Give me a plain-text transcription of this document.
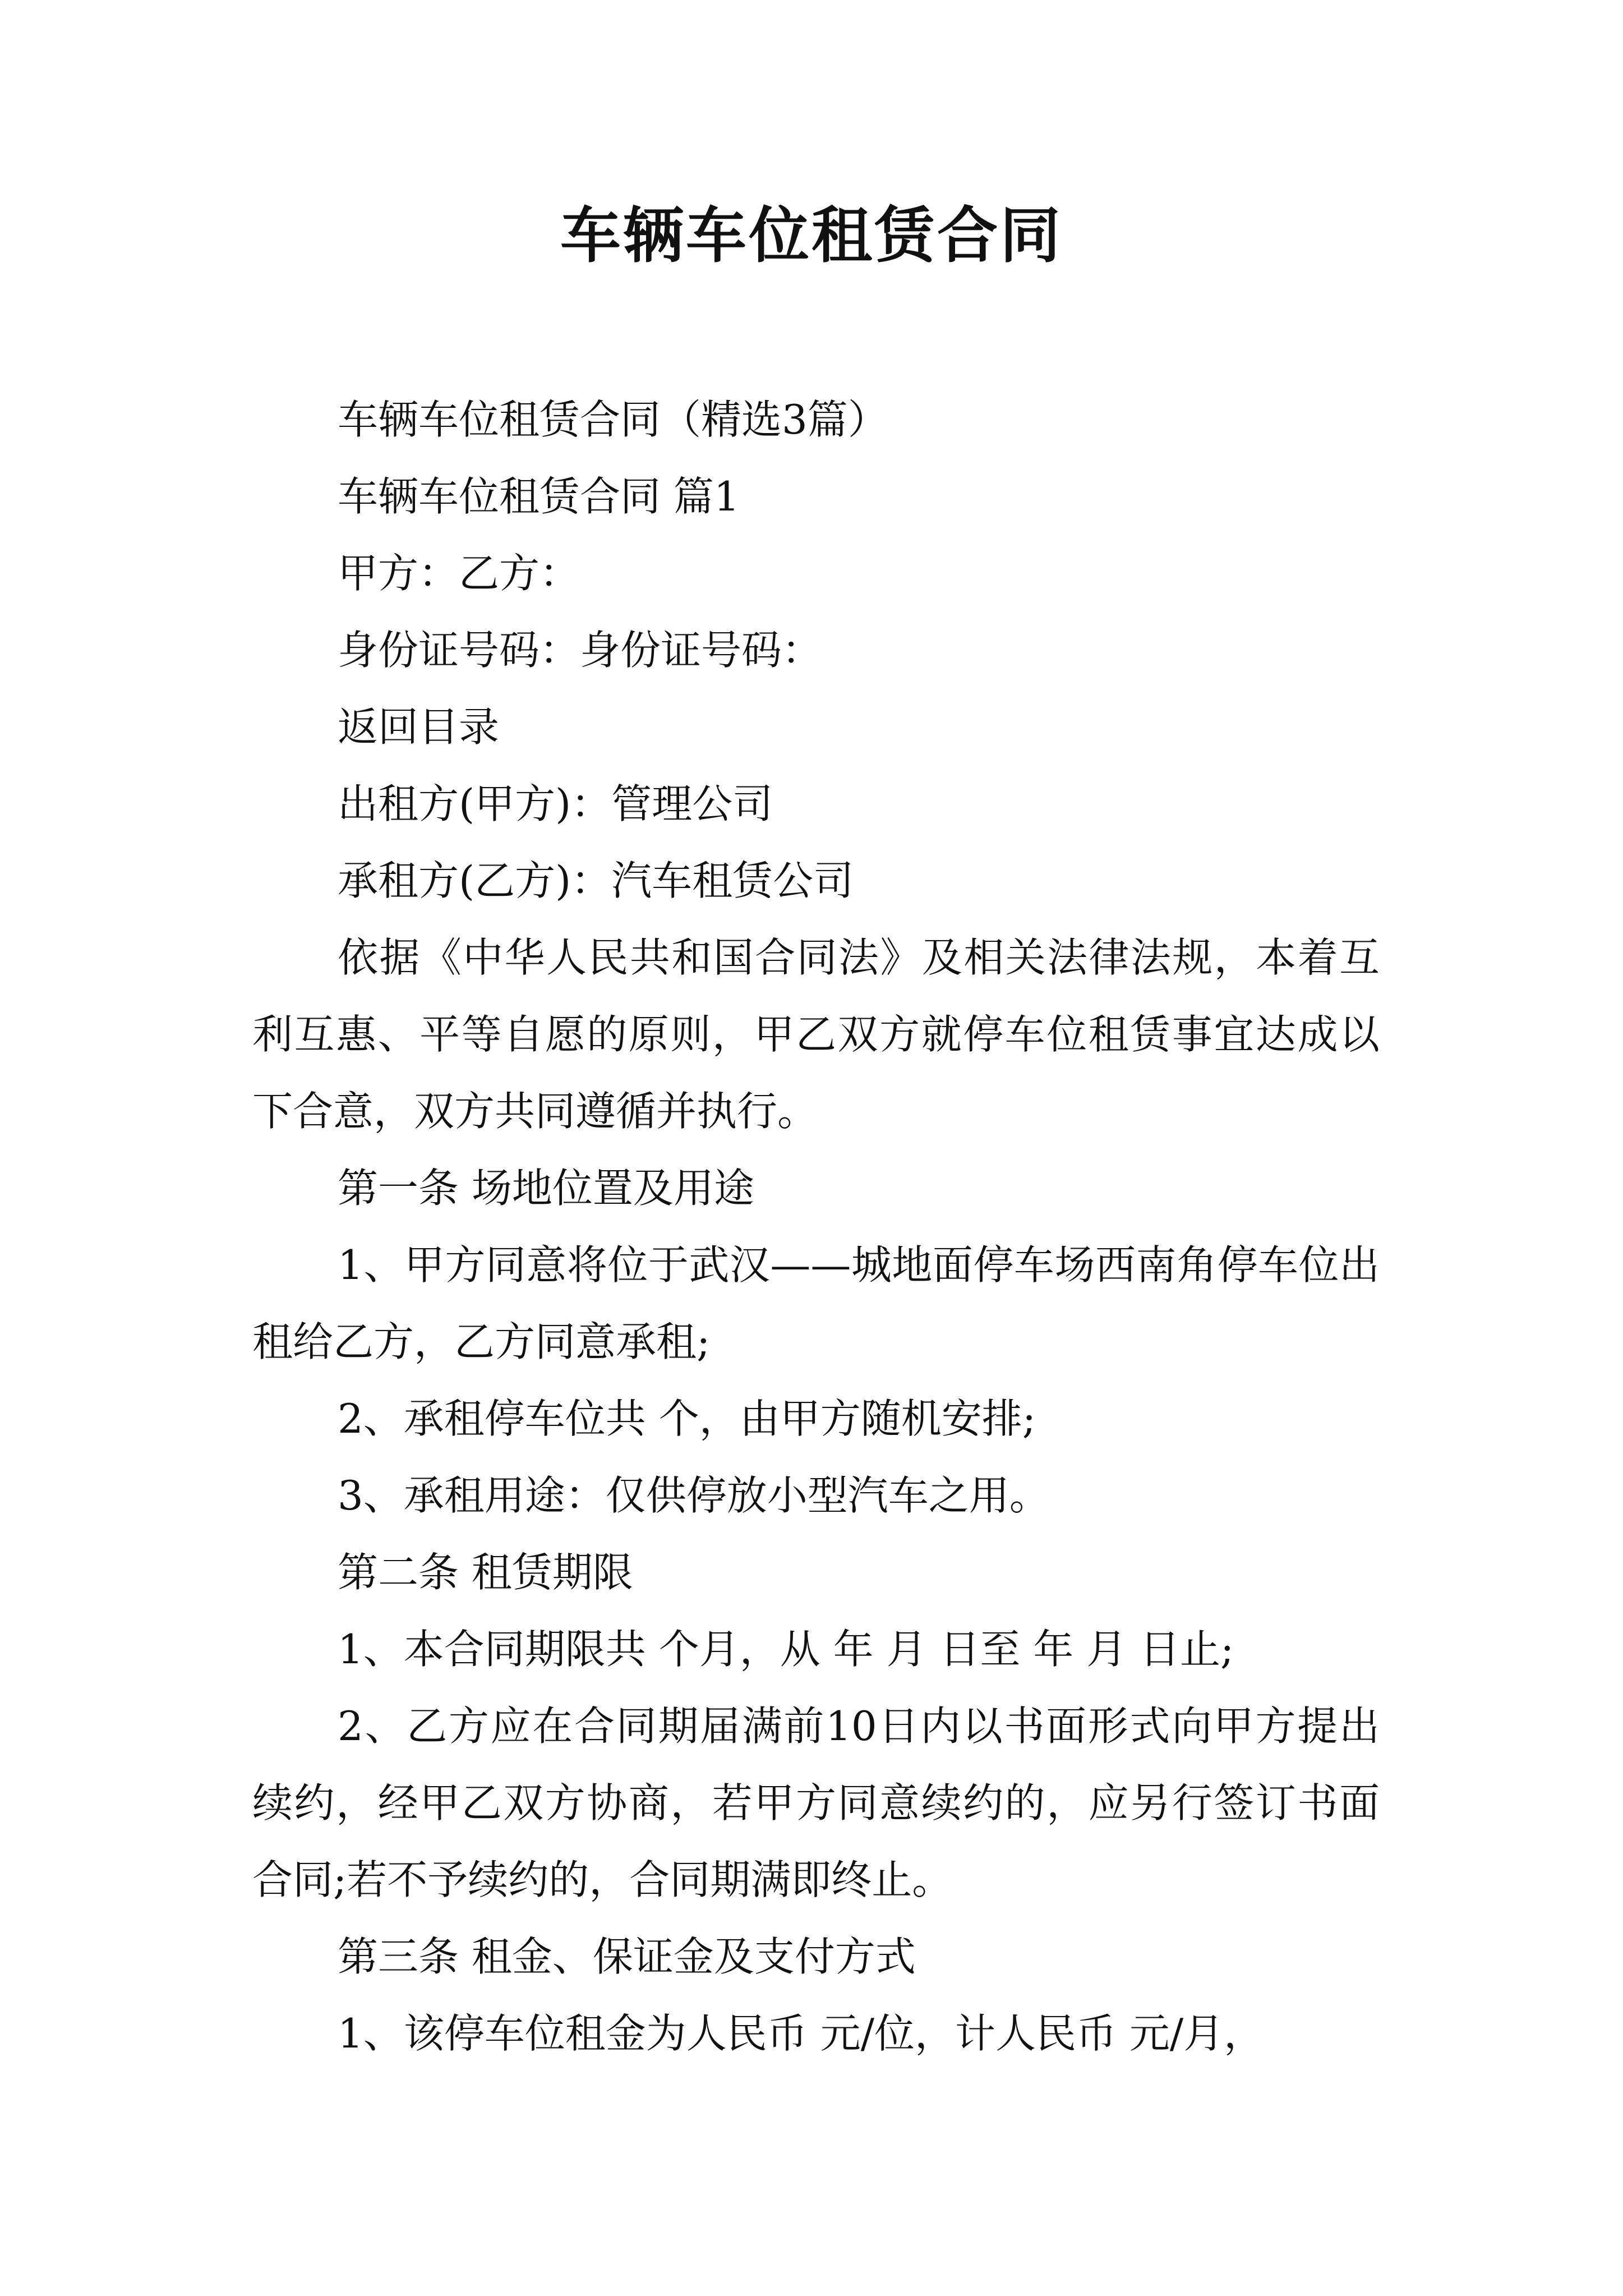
车辆车位租赁合同

车辆车位租赁合同（精选3篇）

车辆车位租赁合同 篇1

甲方：乙方：

身份证号码：身份证号码：

返回目录

出租方(甲方)：管理公司

承租方(乙方)：汽车租赁公司

依据《中华人民共和国合同法》及相关法律法规，本着互利互惠、平等自愿的原则，甲乙双方就停车位租赁事宜达成以下合意，双方共同遵循并执行。

第一条 场地位置及用途

1、甲方同意将位于武汉——城地面停车场西南角停车位出租给乙方，乙方同意承租;

2、承租停车位共 个，由甲方随机安排;

3、承租用途：仅供停放小型汽车之用。

第二条 租赁期限

1、本合同期限共 个月，从 年 月 日至 年 月 日止;

2、乙方应在合同期届满前10日内以书面形式向甲方提出续约，经甲乙双方协商，若甲方同意续约的，应另行签订书面合同;若不予续约的，合同期满即终止。

第三条 租金、保证金及支付方式

1、该停车位租金为人民币 元/位，计人民币 元/月，
